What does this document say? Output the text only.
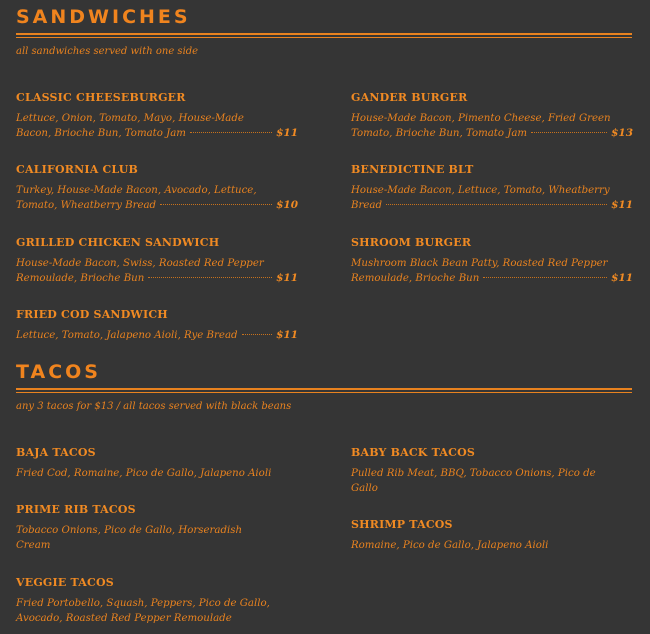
SANDWICHES
all sandwiches served with one side
CLASSIC CHEESEBURGER
Lettuce, Onion, Tomato, Mayo, House-Made
Bacon, Brioche Bun, Tomato Jam	$11
CALIFORNIA CLUB
Turkey, House-Made Bacon, Avocado, Lettuce,
Tomato, Wheatberry Bread	$10
GRILLED CHICKEN SANDWICH
House-Made Bacon, Swiss, Roasted Red Pepper
Remoulade, Brioche Bun	$11
FRIED COD SANDWICH
Lettuce, Tomato, Jalapeno Aioli, Rye Bread	$11
GANDER BURGER
House-Made Bacon, Pimento Cheese, Fried Green
Tomato, Brioche Bun, Tomato Jam	$13
BENEDICTINE BLT
House-Made Bacon, Lettuce, Tomato, Wheatberry
Bread	$11
SHROOM BURGER
Mushroom Black Bean Patty, Roasted Red Pepper
Remoulade, Brioche Bun	$11
TACOS
any 3 tacos for $13 / all tacos served with black beans
BAJA TACOS
Fried Cod, Romaine, Pico de Gallo, Jalapeno Aioli
PRIME RIB TACOS
Tobacco Onions, Pico de Gallo, Horseradish
Cream
VEGGIE TACOS
Fried Portobello, Squash, Peppers, Pico de Gallo,
Avocado, Roasted Red Pepper Remoulade
BABY BACK TACOS
Pulled Rib Meat, BBQ, Tobacco Onions, Pico de
Gallo
SHRIMP TACOS
Romaine, Pico de Gallo, Jalapeno Aioli
